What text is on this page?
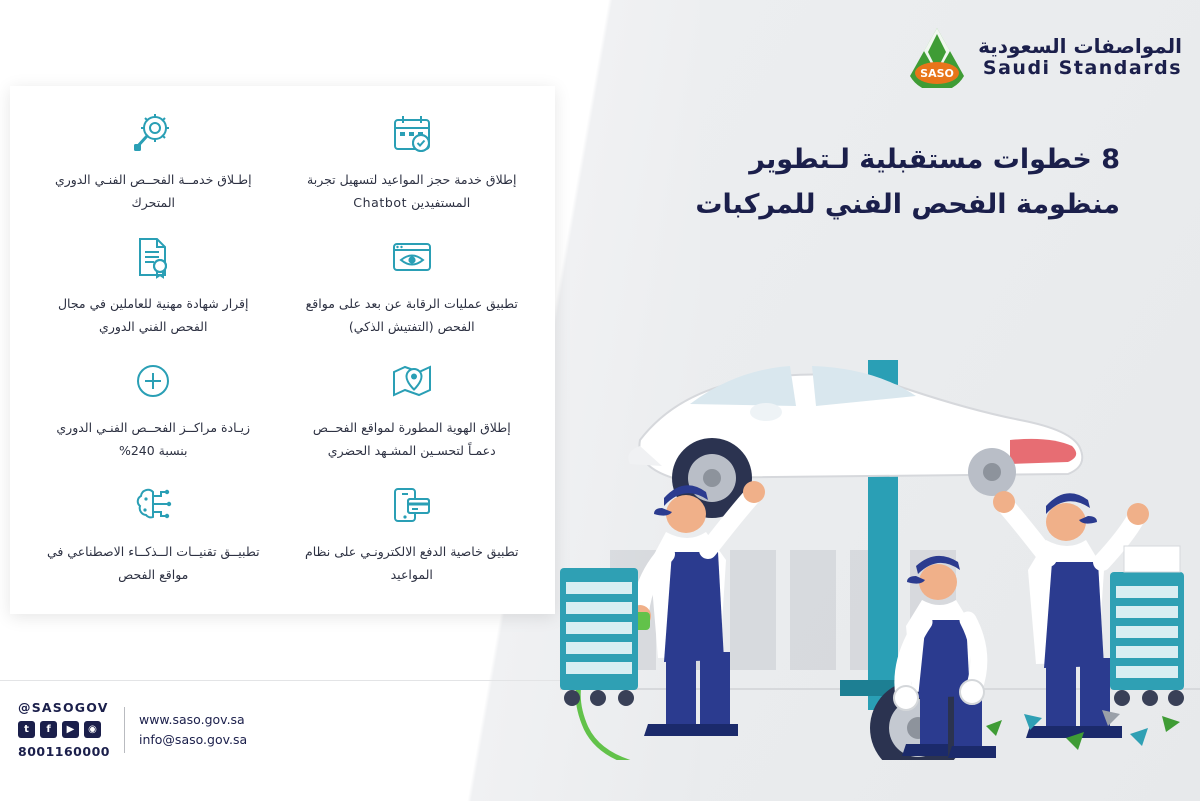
المواصفات السعودية
Saudi Standards
SASO
8 خطوات مستقبلية لـتطوير
منظومة الفحص الفني للمركبات
إطلاق خدمة حجز المواعيد لتسهيل تجربة المستفيدين Chatbot
إطـلاق خدمــة الفحــص الفنـي الدوري المتحرك
تطبيق عمليات الرقابة عن بعد على مواقع الفحص (التفتيش الذكي)
إقرار شهادة مهنية للعاملين في مجال الفحص الفني الدوري
إطلاق الهوية المطورة لمواقع الفحــص دعمـاً لتحسـين المشـهد الحضري
زيـادة مراكــز الفحــص الفنـي الدوري بنسبة 240%
تطبيق خاصية الدفع الالكترونـي على نظام المواعيد
تطبيــق تقنيــات الــذكــاء الاصطناعي في مواقع الفحص
@SASOGOV
t	f	▶	◉
8001160000
www.saso.gov.sa
info@saso.gov.sa
